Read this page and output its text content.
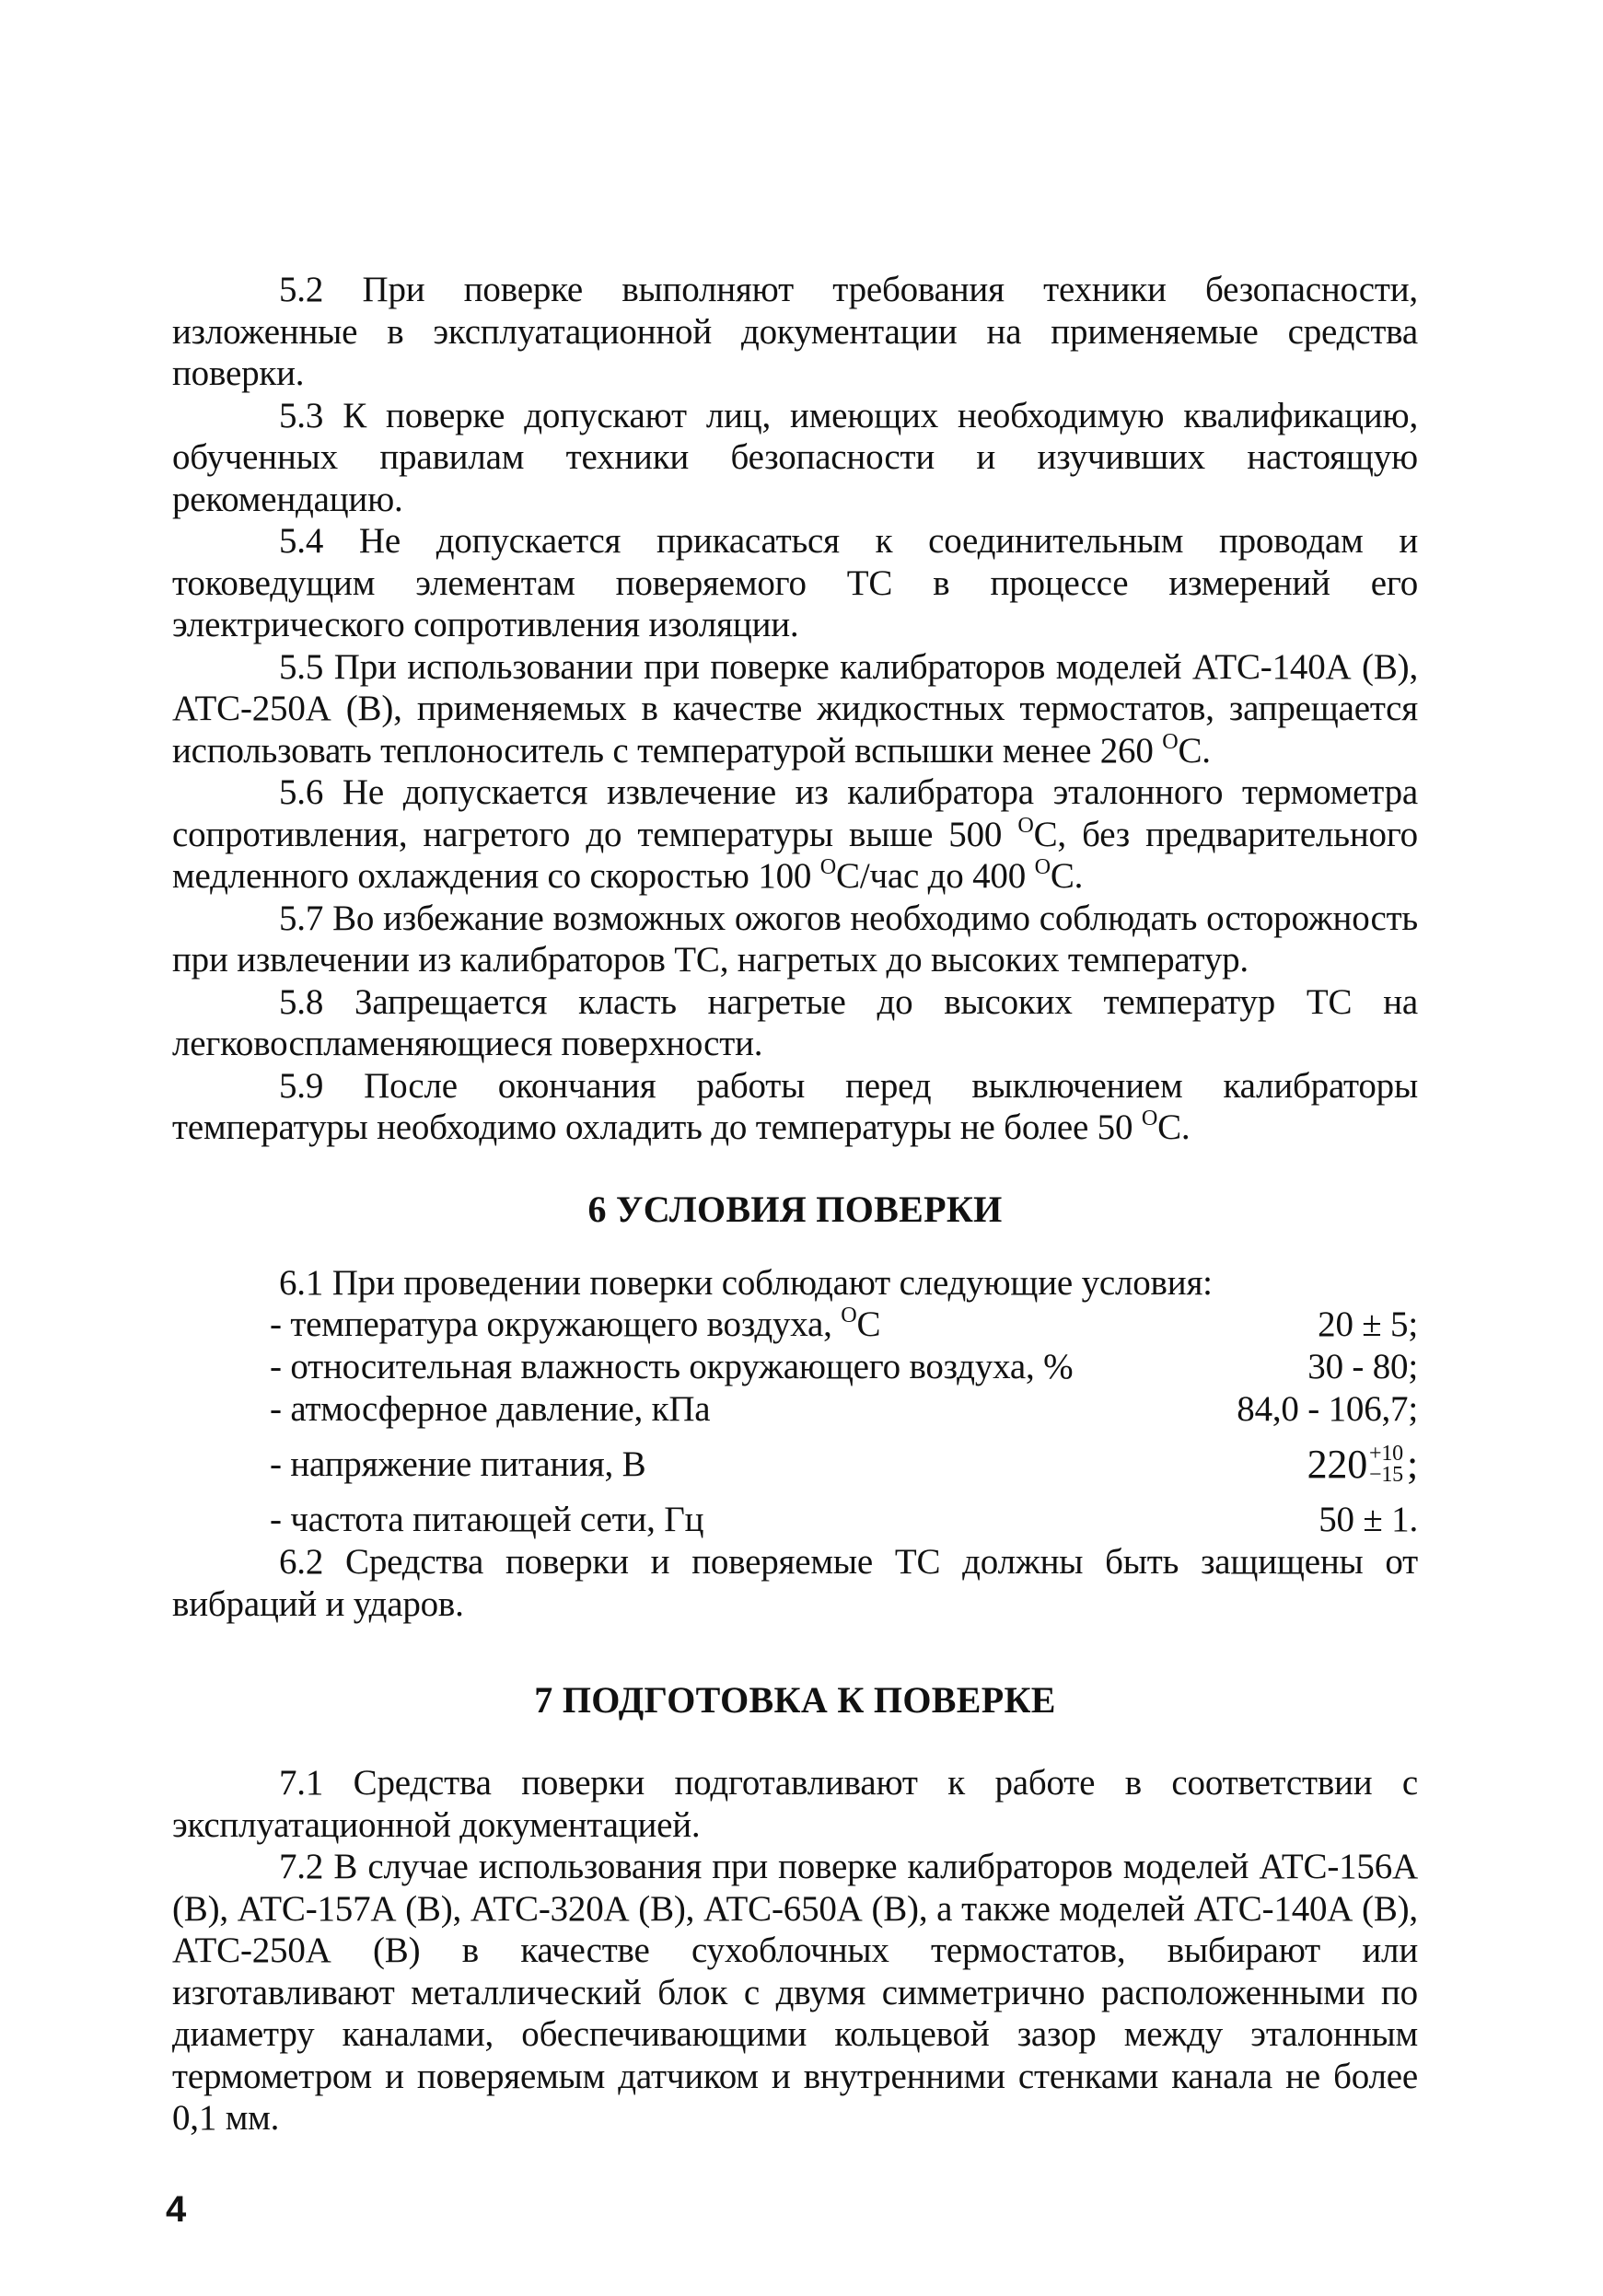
5.2 При поверке выполняют требования техники безопасности, изложенные в эксплуатационной документации на применяемые средства поверки.

5.3 К поверке допускают лиц, имеющих необходимую квалификацию, обученных правилам техники безопасности и изучивших настоящую рекомендацию.

5.4 Не допускается прикасаться к соединительным проводам и токоведущим элементам поверяемого ТС в процессе измерений его электрического сопротивления изоляции.

5.5 При использовании при поверке калибраторов моделей АТС-140А (В), АТС-250А (В), применяемых в качестве жидкостных термостатов, запрещается использовать теплоноситель с температурой вспышки менее 260 $^O$C.

5.6 Не допускается извлечение из калибратора эталонного термометра сопротивления, нагретого до температуры выше 500 $^O$C, без предварительного медленного охлаждения со скоростью 100 $^O$C/час до 400 $^O$C.

5.7 Во избежание возможных ожогов необходимо соблюдать осторожность при извлечении из калибраторов ТС, нагретых до высоких температур.

5.8 Запрещается класть нагретые до высоких температур ТС на легковоспламеняющиеся поверхности.

5.9 После окончания работы перед выключением калибраторы температуры необходимо охладить до температуры не более 50 $^O$C.

6 УСЛОВИЯ ПОВЕРКИ

6.1 При проведении поверки соблюдают следующие условия:

- температура окружающего воздуха, $^O$C	20 ± 5;
- относительная влажность окружающего воздуха, %	30 - 80;
- атмосферное давление, кПа	84,0 - 106,7;
- напряжение питания, В	220 +10
−15 ;
- частота питающей сети, Гц	50 ± 1.

6.2 Средства поверки и поверяемые ТС должны быть защищены от вибраций и ударов.

7 ПОДГОТОВКА К ПОВЕРКЕ

7.1 Средства поверки подготавливают к работе в соответствии с эксплуатационной документацией.

7.2 В случае использования при поверке калибраторов моделей АТС-156А (В), АТС-157А (В), АТС-320А (В), АТС-650А (В), а также моделей АТС-140А (В), АТС-250А (В) в качестве сухоблочных термостатов, выбирают или изготавливают металлический блок с двумя симметрично расположенными по диаметру каналами, обеспечивающими кольцевой зазор между эталонным термометром и поверяемым датчиком и внутренними стенками канала не более 0,1 мм.

4
